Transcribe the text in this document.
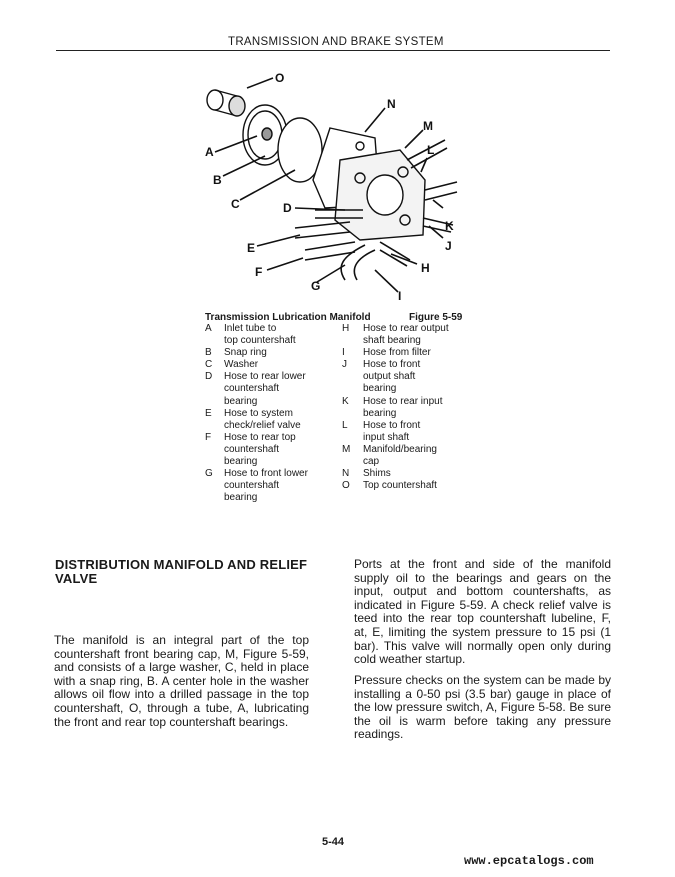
TRANSMISSION AND BRAKE SYSTEM
O
N
M
L
A
B
C	D
K
J
E
F
G
H
I
Transmission Lubrication Manifold	Figure 5-59
A	Inlet tube to
top countershaft
B	Snap ring
C	Washer
D	Hose to rear lower
countershaft
bearing
E	Hose to system
check/relief valve
F	Hose to rear top
countershaft
bearing
G	Hose to front lower
countershaft
bearing
H	Hose to rear output
shaft bearing
I	Hose from filter
J	Hose to front
output shaft
bearing
K	Hose to rear input
bearing
L	Hose to front
input shaft
M	Manifold/bearing
cap
N	Shims
O	Top countershaft
DISTRIBUTION MANIFOLD AND RELIEF VALVE
The manifold is an integral part of the top countershaft front bearing cap, M, Figure 5-59, and consists of a large washer, C, held in place with a snap ring, B. A center hole in the washer allows oil flow into a drilled passage in the top countershaft, O, through a tube, A, lubricating the front and rear top countershaft bearings.
Ports at the front and side of the manifold supply oil to the bearings and gears on the input, output and bottom countershafts, as indicated in Figure 5-59. A check relief valve is teed into the rear top countershaft lubeline, F, at, E, limiting the system pressure to 15 psi (1 bar). This valve will normally open only during cold weather startup.
Pressure checks on the system can be made by installing a 0-50 psi (3.5 bar) gauge in place of the low pressure switch, A, Figure 5-58. Be sure the oil is warm before taking any pressure readings.
5-44
www.epcatalogs.com
